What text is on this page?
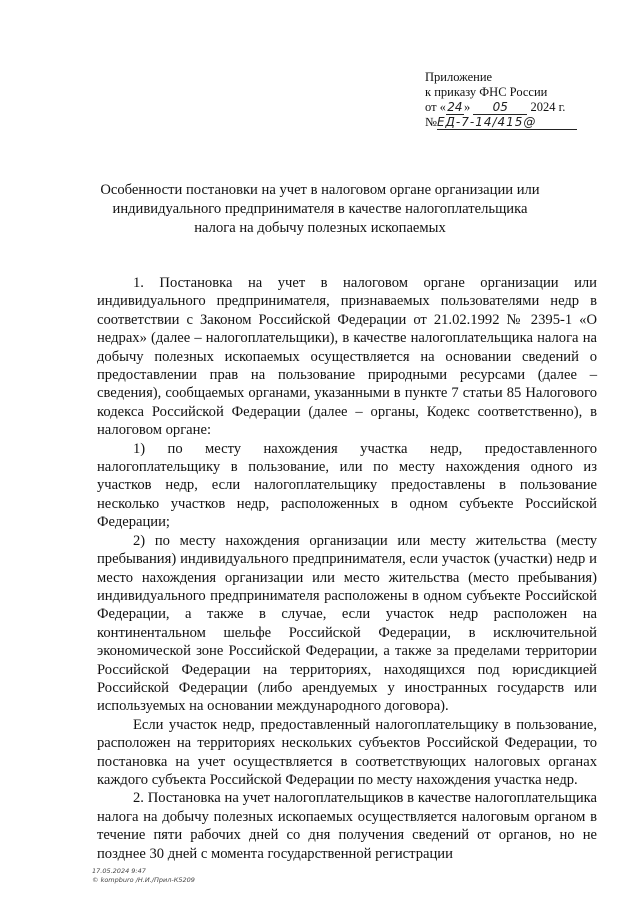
Приложение
к приказу ФНС России
от «24» 05 2024 г.
№ЕД-7-14/415@
Особенности постановки на учет в налоговом органе организации или
индивидуального предпринимателя в качестве налогоплательщика
налога на добычу полезных ископаемых

1. Постановка на учет в налоговом органе организации или индивидуального предпринимателя, признаваемых пользователями недр в соответствии с Законом Российской Федерации от 21.02.1992 № 2395-1 «О недрах» (далее – налогоплательщики), в качестве налогоплательщика налога на добычу полезных ископаемых осуществляется на основании сведений о предоставлении прав на пользование природными ресурсами (далее – сведения), сообщаемых органами, указанными в пункте 7 статьи 85 Налогового кодекса Российской Федерации (далее – органы, Кодекс соответственно), в налоговом органе:

1) по месту нахождения участка недр, предоставленного налогоплательщику в пользование, или по месту нахождения одного из участков недр, если налогоплательщику предоставлены в пользование несколько участков недр, расположенных в одном субъекте Российской Федерации;

2) по месту нахождения организации или месту жительства (месту пребывания) индивидуального предпринимателя, если участок (участки) недр и место нахождения организации или место жительства (место пребывания) индивидуального предпринимателя расположены в одном субъекте Российской Федерации, а также в случае, если участок недр расположен на континентальном шельфе Российской Федерации, в исключительной экономической зоне Российской Федерации, а также за пределами территории Российской Федерации на территориях, находящихся под юрисдикцией Российской Федерации (либо арендуемых у иностранных государств или используемых на основании международного договора).

Если участок недр, предоставленный налогоплательщику в пользование, расположен на территориях нескольких субъектов Российской Федерации, то постановка на учет осуществляется в соответствующих налоговых органах каждого субъекта Российской Федерации по месту нахождения участка недр.

2. Постановка на учет налогоплательщиков в качестве налогоплательщика налога на добычу полезных ископаемых осуществляется налоговым органом в течение пяти рабочих дней со дня получения сведений от органов, но не позднее 30 дней с момента государственной регистрации

17.05.2024 9:47
© kompburo /Н.И./Прил-К5209
